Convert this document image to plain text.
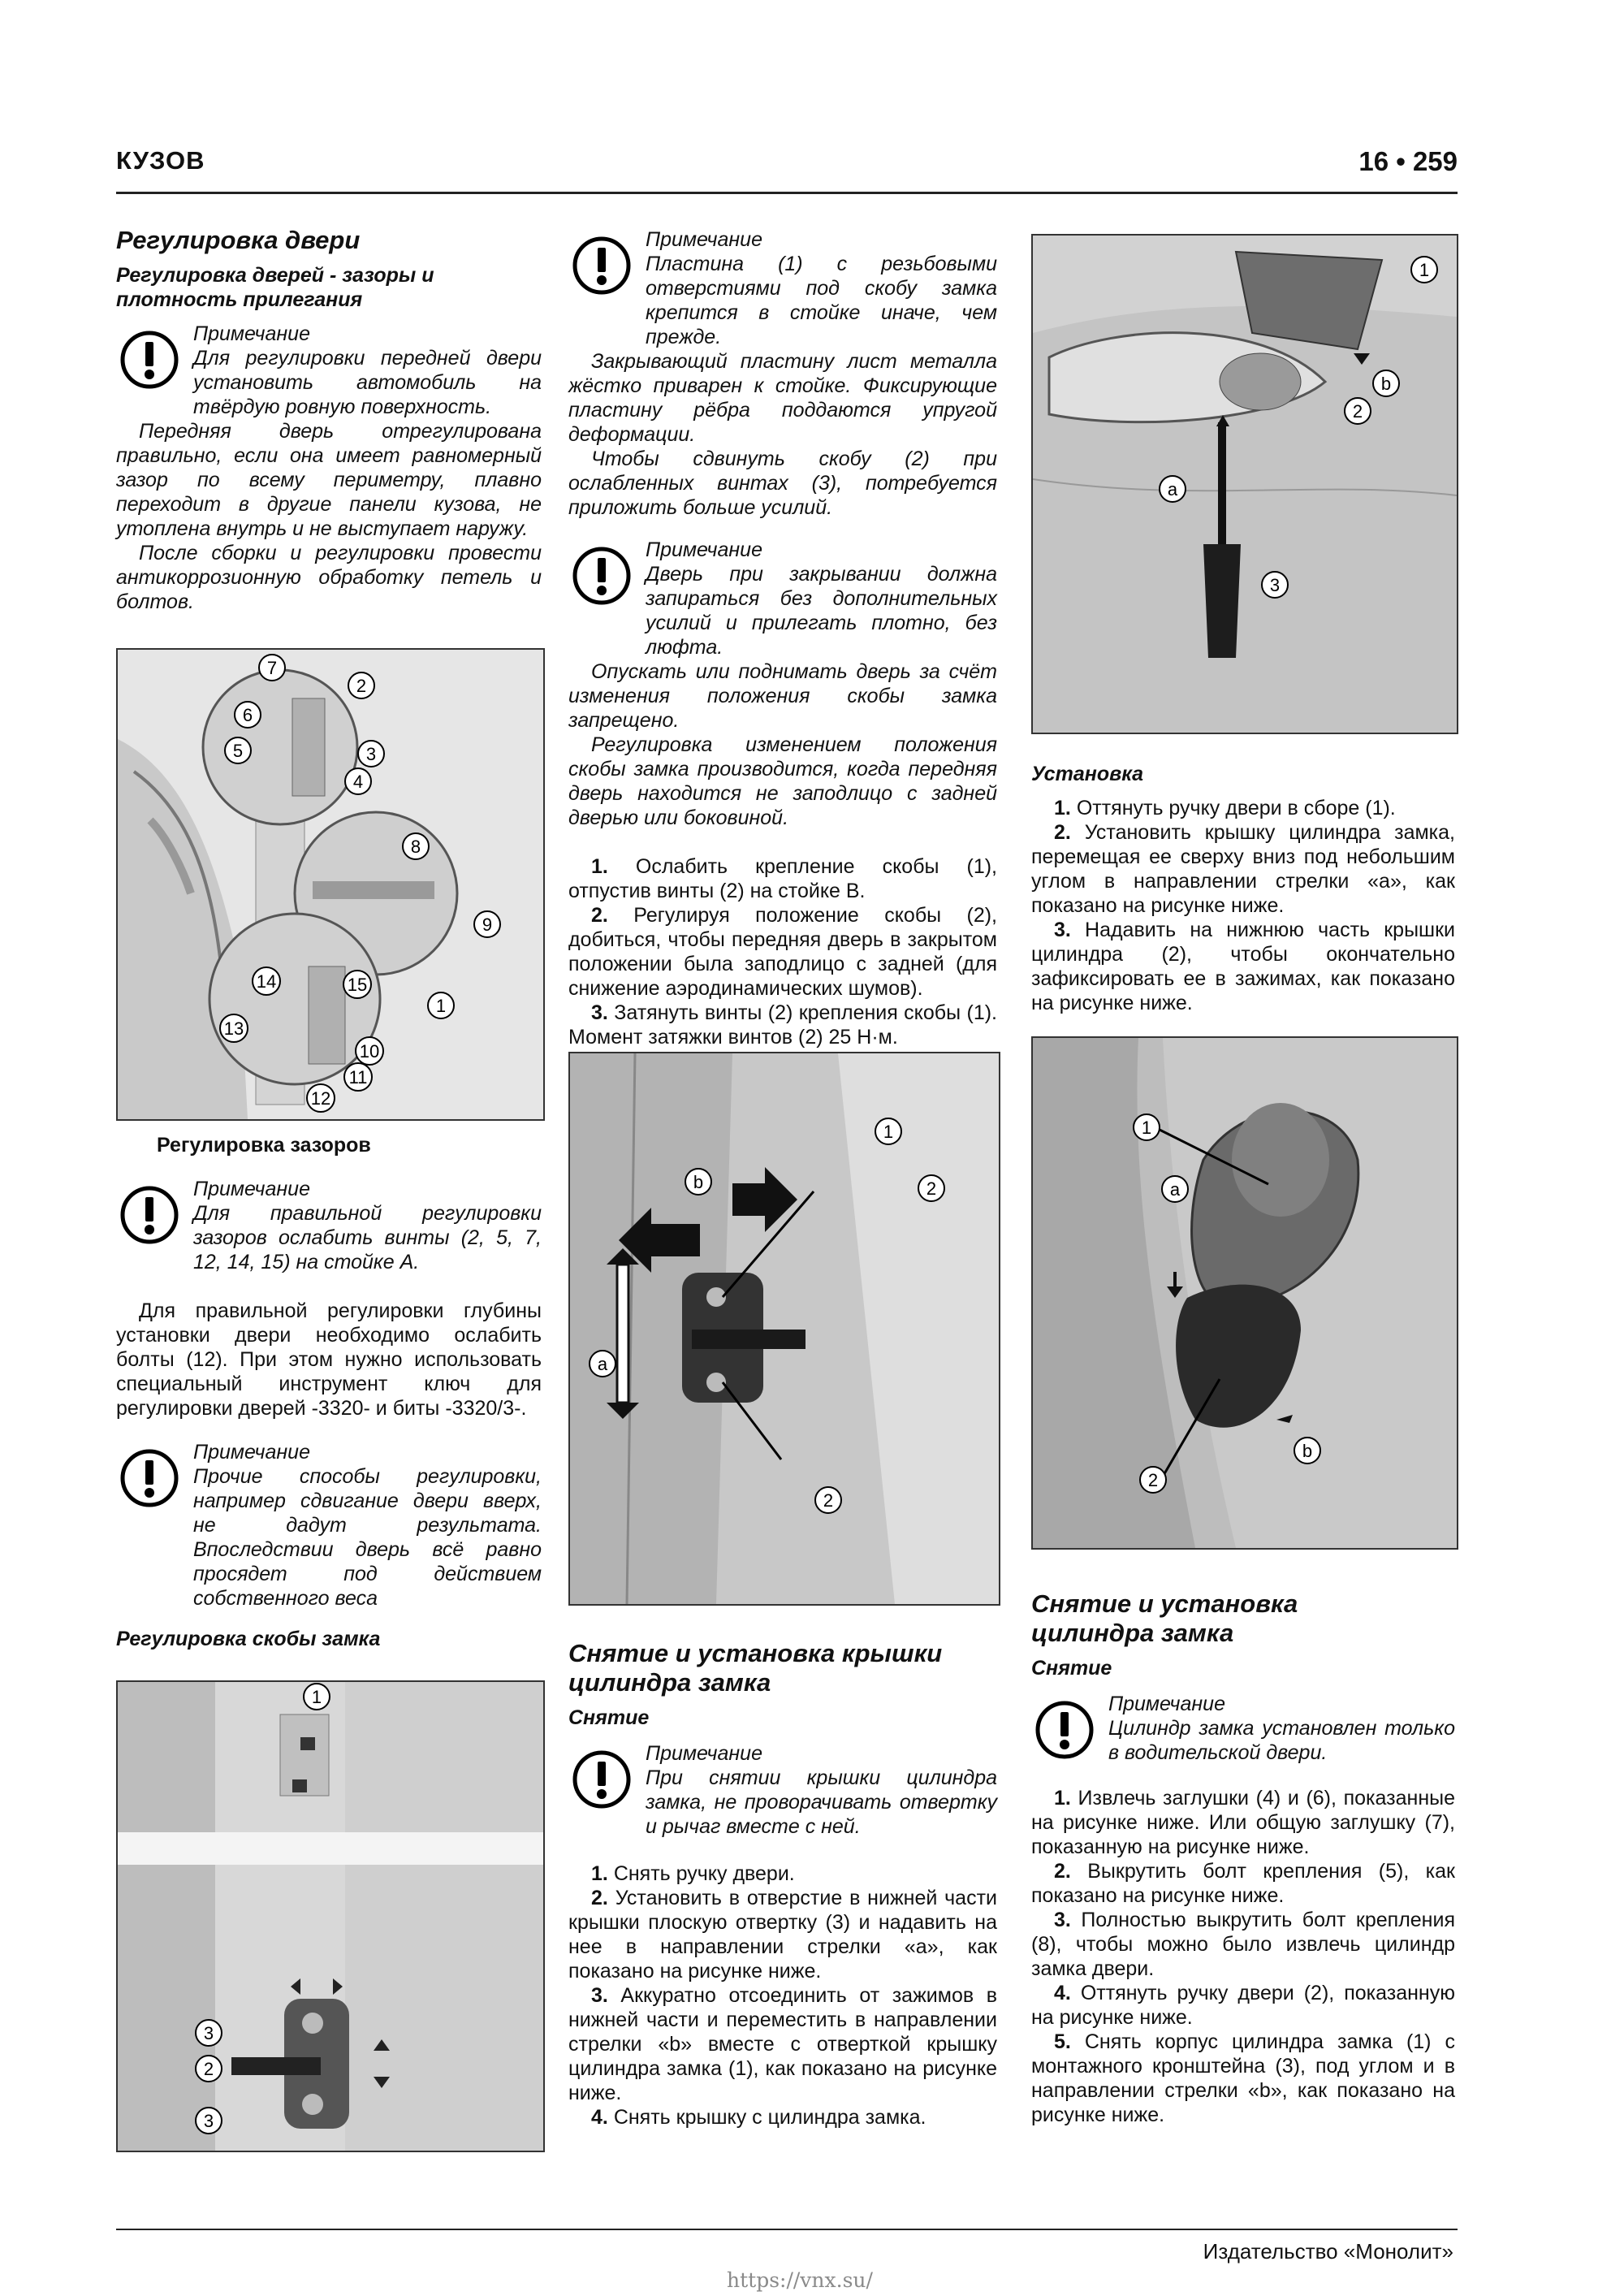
КУЗОВ	16 • 259
Регулировка двери
Регулировка дверей - зазоры и плотность прилегания
Примечание
Для регулировки передней двери установить автомобиль на твёрдую ровную поверхность.

Передняя дверь отрегулирована правильно, если она имеет равномерный зазор по всему периметру, плавно переходит в другие панели кузова, не утоплена внутрь и не выступает наружу.

После сборки и регулировки провести антикоррозионную обработку петель и болтов.

7
2
6
5	3
4
8
9
14	15
1
13
10
11
12
Регулировка зазоров
Примечание
Для правильной регулировки зазоров ослабить винты (2, 5, 7, 12, 14, 15) на стойке А.

Для правильной регулировки глубины установки двери необходимо ослабить болты (12). При этом нужно использовать специальный инструмент ключ для регулировки дверей -3320- и биты -3320/3-.

Примечание
Прочие способы регулировки, например сдвигание двери вверх, не дадут результата. Впоследствии дверь всё равно просядет под действием собственного веса
Регулировка скобы замка
1
3
2
3
Примечание
Пластина (1) с резьбовыми отверстиями под скобу замка крепится в стойке иначе, чем прежде.

Закрывающий пластину лист металла жёстко приварен к стойке. Фиксирующие пластину рёбра поддаются упругой деформации.

Чтобы сдвинуть скобу (2) при ослабленных винтах (3), потребуется приложить больше усилий.

Примечание
Дверь при закрывании должна запираться без дополнительных усилий и прилегать плотно, без люфта.

Опускать или поднимать дверь за счёт изменения положения скобы замка запрещено.

Регулировка изменением положения скобы замка производится, когда передняя дверь находится не заподлицо с задней дверью или боковиной.

1. Ослабить крепление скобы (1), отпустив винты (2) на стойке В.

2. Регулируя положение скобы (2), добиться, чтобы передняя дверь в закрытом положении была заподлицо с задней (для снижение аэродинамических шумов).

3. Затянуть винты (2) крепления скобы (1). Момент затяжки винтов (2) 25 Н·м.

1
b	2
a
2
Снятие и установка крышки цилиндра замка
Снятие
Примечание
При снятии крышки цилиндра замка, не проворачивать отвертку и рычаг вместе с ней.

1. Снять ручку двери.

2. Установить в отверстие в нижней части крышки плоскую отвертку (3) и надавить на нее в направлении стрелки «а», как показано на рисунке ниже.

3. Аккуратно отсоединить от зажимов в нижней части и переместить в направлении стрелки «b» вместе с отверткой крышку цилиндра замка (1), как показано на рисунке ниже.

4. Снять крышку с цилиндра замка.

1
b
2
a
3
Установка

1. Оттянуть ручку двери в сборе (1).

2. Установить крышку цилиндра замка, перемещая ее сверху вниз под небольшим углом в направлении стрелки «а», как показано на рисунке ниже.

3. Надавить на нижнюю часть крышки цилиндра (2), чтобы окончательно зафиксировать ее в зажимах, как показано на рисунке ниже.

1
a
2
b
Снятие и установка цилиндра замка
Снятие
Примечание
Цилиндр замка установлен только в водительской двери.

1. Извлечь заглушки (4) и (6), показанные на рисунке ниже. Или общую заглушку (7), показанную на рисунке ниже.

2. Выкрутить болт крепления (5), как показано на рисунке ниже.

3. Полностью выкрутить болт крепления (8), чтобы можно было извлечь цилиндр замка двери.

4. Оттянуть ручку двери (2), показанную на рисунке ниже.

5. Снять корпус цилиндра замка (1) с монтажного кронштейна (3), под углом и в направлении стрелки «b», как показано на рисунке ниже.

Издательство «Монолит»
https://vnx.su/
